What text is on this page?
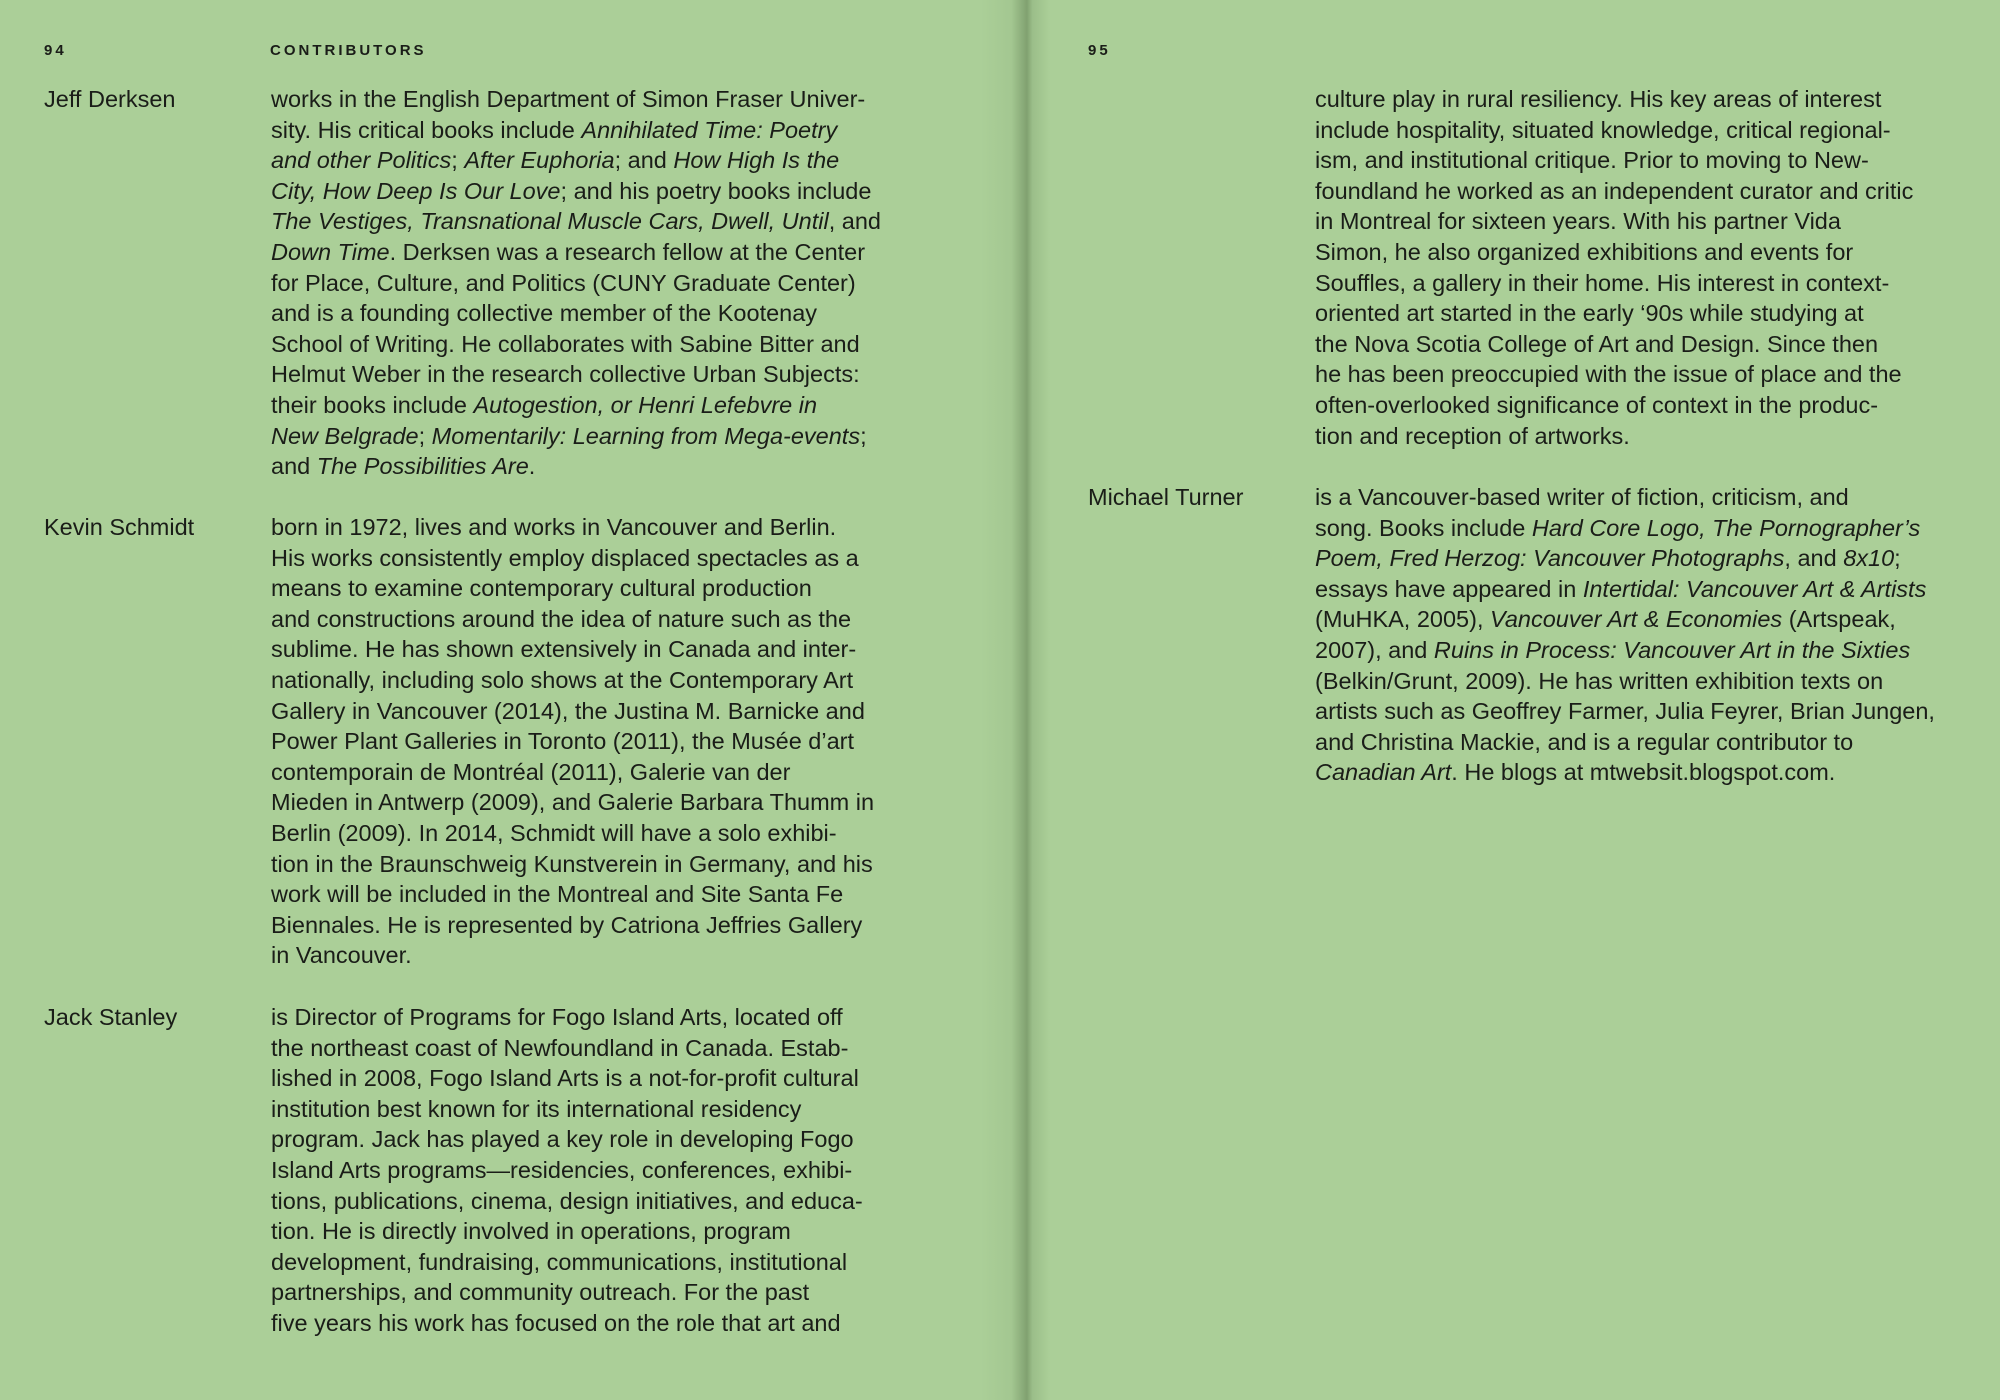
94	CONTRIBUTORS
Jeff Derksen	works in the English Department of Simon Fraser Univer-
sity. His critical books include Annihilated Time: Poetry
and other Politics; After Euphoria; and How High Is the
City, How Deep Is Our Love; and his poetry books include
The Vestiges, Transnational Muscle Cars, Dwell, Until, and
Down Time. Derksen was a research fellow at the Center
for Place, Culture, and Politics (CUNY Graduate Center)
and is a founding collective member of the Kootenay
School of Writing. He collaborates with Sabine Bitter and
Helmut Weber in the research collective Urban Subjects:
their books include Autogestion, or Henri Lefebvre in
New Belgrade; Momentarily: Learning from Mega-events;
and The Possibilities Are.
Kevin Schmidt	born in 1972, lives and works in Vancouver and Berlin.
His works consistently employ displaced spectacles as a
means to examine contemporary cultural production
and constructions around the idea of nature such as the
sublime. He has shown extensively in Canada and inter-
nationally, including solo shows at the Contemporary Art
Gallery in Vancouver (2014), the Justina M. Barnicke and
Power Plant Galleries in Toronto (2011), the Musée d’art
contemporain de Montréal (2011), Galerie van der
Mieden in Antwerp (2009), and Galerie Barbara Thumm in
Berlin (2009). In 2014, Schmidt will have a solo exhibi-
tion in the Braunschweig Kunstverein in Germany, and his
work will be included in the Montreal and Site Santa Fe
Biennales. He is represented by Catriona Jeffries Gallery
in Vancouver.
Jack Stanley	is Director of Programs for Fogo Island Arts, located off
the northeast coast of Newfoundland in Canada. Estab-
lished in 2008, Fogo Island Arts is a not-for-profit cultural
institution best known for its international residency
program. Jack has played a key role in developing Fogo
Island Arts programs—residencies, conferences, exhibi-
tions, publications, cinema, design initiatives, and educa-
tion. He is directly involved in operations, program
development, fundraising, communications, institutional
partnerships, and community outreach. For the past
five years his work has focused on the role that art and
95
culture play in rural resiliency. His key areas of interest
include hospitality, situated knowledge, critical regional-
ism, and institutional critique. Prior to moving to New-
foundland he worked as an independent curator and critic
in Montreal for sixteen years. With his partner Vida
Simon, he also organized exhibitions and events for
Souffles, a gallery in their home. His interest in context-
oriented art started in the early ‘90s while studying at
the Nova Scotia College of Art and Design. Since then
he has been preoccupied with the issue of place and the
often-overlooked significance of context in the produc-
tion and reception of artworks.
Michael Turner	is a Vancouver-based writer of fiction, criticism, and
song. Books include Hard Core Logo, The Pornographer’s
Poem, Fred Herzog: Vancouver Photographs, and 8x10;
essays have appeared in Intertidal: Vancouver Art & Artists
(MuHKA, 2005), Vancouver Art & Economies (Artspeak,
2007), and Ruins in Process: Vancouver Art in the Sixties
(Belkin/Grunt, 2009). He has written exhibition texts on
artists such as Geoffrey Farmer, Julia Feyrer, Brian Jungen,
and Christina Mackie, and is a regular contributor to
Canadian Art. He blogs at mtwebsit.blogspot.com.
